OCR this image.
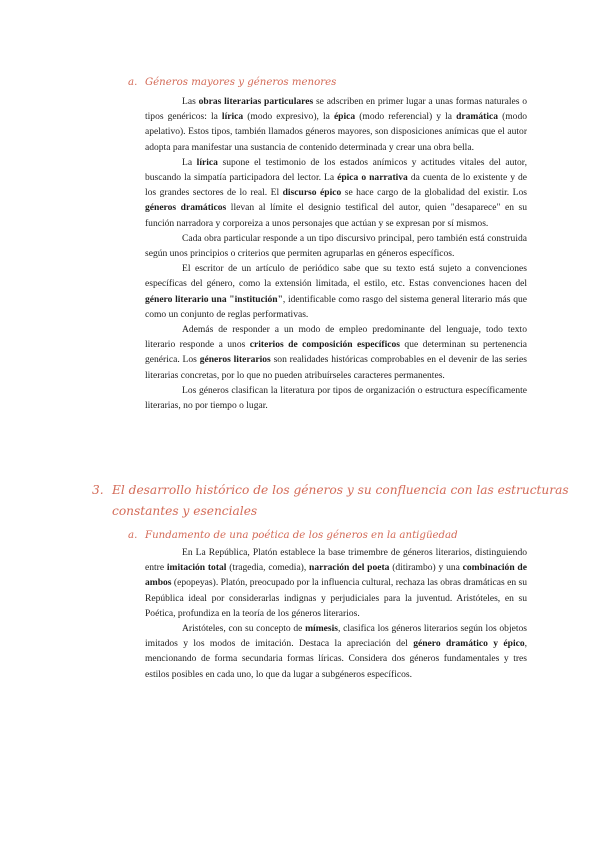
a. Géneros mayores y géneros menores

Las obras literarias particulares se adscriben en primer lugar a unas formas naturales o tipos genéricos: la lírica (modo expresivo), la épica (modo referencial) y la dramática (modo apelativo). Estos tipos, también llamados géneros mayores, son disposiciones anímicas que el autor adopta para manifestar una sustancia de contenido determinada y crear una obra bella.

La lírica supone el testimonio de los estados anímicos y actitudes vitales del autor, buscando la simpatía participadora del lector. La épica o narrativa da cuenta de lo existente y de los grandes sectores de lo real. El discurso épico se hace cargo de la globalidad del existir. Los géneros dramáticos llevan al límite el designio testifical del autor, quien "desaparece" en su función narradora y corporeiza a unos personajes que actúan y se expresan por sí mismos.

Cada obra particular responde a un tipo discursivo principal, pero también está construida según unos principios o criterios que permiten agruparlas en géneros específicos.

El escritor de un artículo de periódico sabe que su texto está sujeto a convenciones específicas del género, como la extensión limitada, el estilo, etc. Estas convenciones hacen del género literario una "institución", identificable como rasgo del sistema general literario más que como un conjunto de reglas performativas.

Además de responder a un modo de empleo predominante del lenguaje, todo texto literario responde a unos criterios de composición específicos que determinan su pertenencia genérica. Los géneros literarios son realidades históricas comprobables en el devenir de las series literarias concretas, por lo que no pueden atribuírseles caracteres permanentes.

Los géneros clasifican la literatura por tipos de organización o estructura específicamente literarias, no por tiempo o lugar.

3. El desarrollo histórico de los géneros y su confluencia con las estructuras
constantes y esenciales
a. Fundamento de una poética de los géneros en la antigüedad

En La República, Platón establece la base trimembre de géneros literarios, distinguiendo entre imitación total (tragedia, comedia), narración del poeta (ditirambo) y una combinación de ambos (epopeyas). Platón, preocupado por la influencia cultural, rechaza las obras dramáticas en su República ideal por considerarlas indignas y perjudiciales para la juventud. Aristóteles, en su Poética, profundiza en la teoría de los géneros literarios.

Aristóteles, con su concepto de mímesis, clasifica los géneros literarios según los objetos imitados y los modos de imitación. Destaca la apreciación del género dramático y épico, mencionando de forma secundaria formas líricas. Considera dos géneros fundamentales y tres estilos posibles en cada uno, lo que da lugar a subgéneros específicos.
